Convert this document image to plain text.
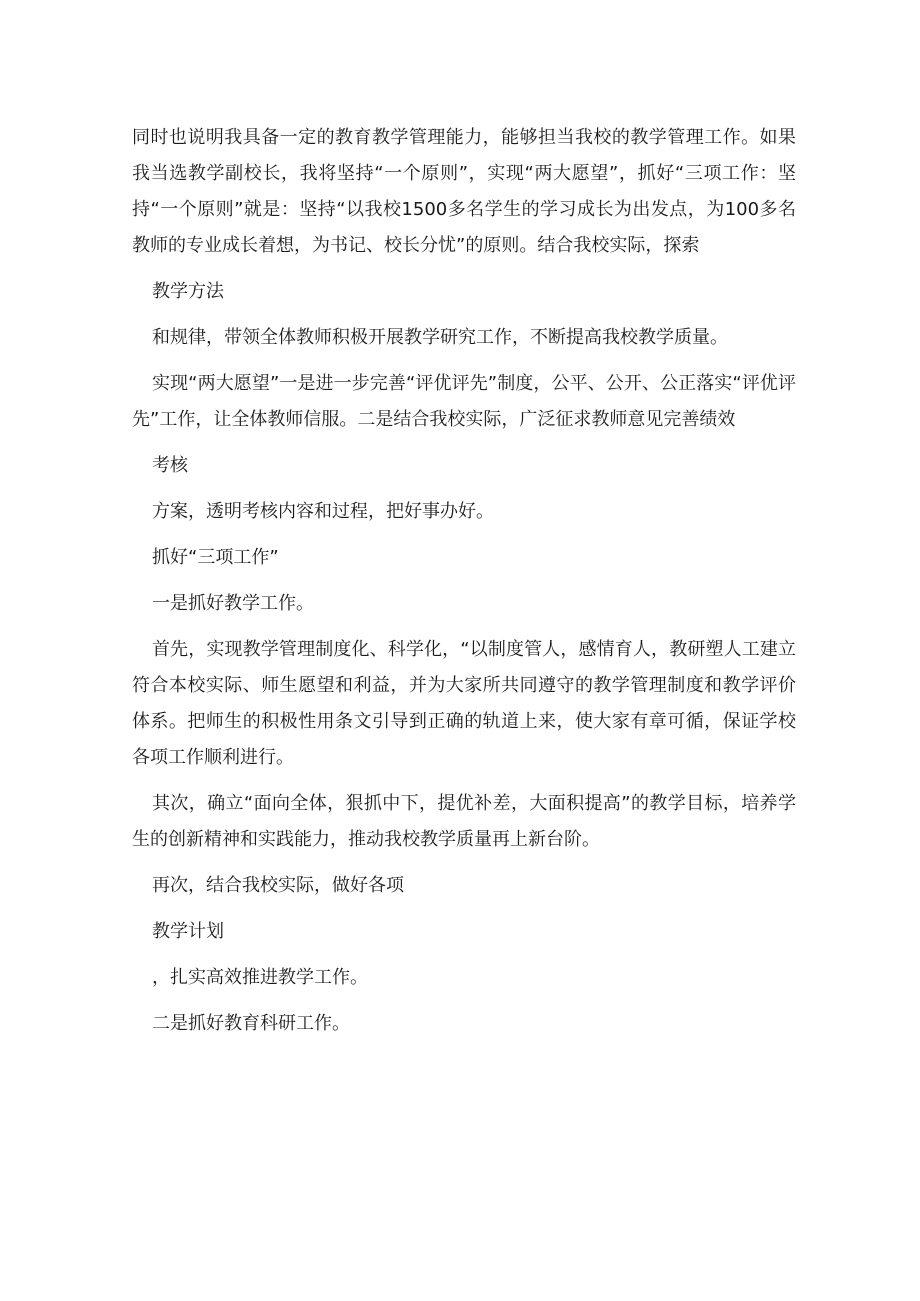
同时也说明我具备一定的教育教学管理能力，能够担当我校的教学管理工作。如果我当选教学副校长，我将坚持“一个原则”，实现“两大愿望”，抓好“三项工作：坚持“一个原则”就是：坚持“以我校1500多名学生的学习成长为出发点，为100多名教师的专业成长着想，为书记、校长分忧”的原则。结合我校实际，探索

教学方法

和规律，带领全体教师积极开展教学研究工作，不断提高我校教学质量。

实现“两大愿望”一是进一步完善“评优评先”制度，公平、公开、公正落实“评优评先”工作，让全体教师信服。二是结合我校实际，广泛征求教师意见完善绩效

考核

方案，透明考核内容和过程，把好事办好。

抓好“三项工作”

一是抓好教学工作。

首先，实现教学管理制度化、科学化，“以制度管人，感情育人，教研塑人工建立符合本校实际、师生愿望和利益，并为大家所共同遵守的教学管理制度和教学评价体系。把师生的积极性用条文引导到正确的轨道上来，使大家有章可循，保证学校各项工作顺利进行。

其次，确立“面向全体，狠抓中下，提优补差，大面积提高”的教学目标，培养学生的创新精神和实践能力，推动我校教学质量再上新台阶。

再次，结合我校实际，做好各项

教学计划

，扎实高效推进教学工作。

二是抓好教育科研工作。
